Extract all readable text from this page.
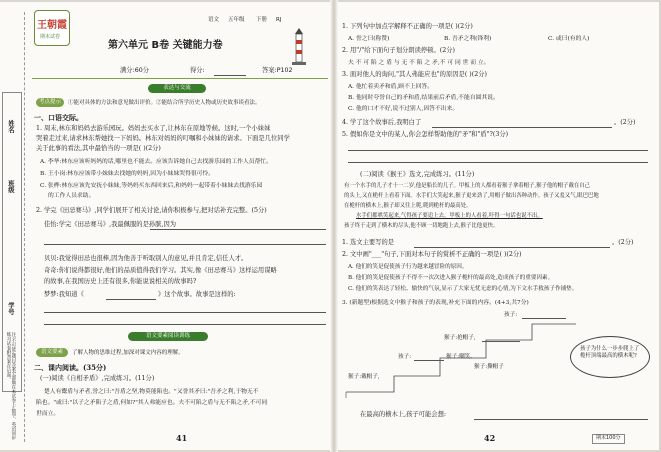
姓名
班级
学号
注:不可能,题目答案全部做在本试卷上,数学、英语同步练习试卷附答案在后面。
王朝霞
期末试卷
语文 五年级 下册 RJ
第六单元 B卷 关键能力卷
满分:60分	得分:	答案:P102
表达与交流
考点提示	①能对具体的方法和意见做出评价。②能结合所学历史人物或历史故事谈看法。
一、口语交际。
1. 周末,林东和妈妈去游乐园玩。妈妈去买水了,让林东在原地等候。这时,一个小妹妹
哭着走过来,请求林东帮她找一下妈妈。林东对妈妈的叮嘱和小妹妹的请求。下面是几位同学
关于此事的看法,其中最恰当的一项是( )(2分)
A. 李华:林东应该听妈妈的话,哪里也不能去。应该告诉她自己去找游乐园的工作人员帮忙。
B. 王小岗:林东应该带小妹妹去找她的妈妈,因为小妹妹哭得很可怜。
C. 张桦:林东应该先安抚小妹妹,等妈妈买东西回来后,和妈妈一起带着小妹妹去找游乐园
的工作人员求助。
2. 学完《田忌赛马》,同学们展开了相关讨论,请你积极参与,把对话补充完整。(5分)
佳怡:学完《田忌赛马》,我最佩服的是孙膑,因为
贝贝:我觉得田忌也很棒,因为他善于听取别人的意见,并且肯定,信任人才。
奇奇:你们说得都很好,他们的品质值得我们学习。其实,像《田忌赛马》这样运用谋略
的故事,在我国历史上还有很多,你能说说相关的故事吗?
梦梦:我知道《	》这个故事。故事是这样的:
语文要素阅读训练
语文要素	了解人物的思维过程,加深对课文内容的理解。
二、课内阅读。(35分)
(一)阅读《自相矛盾》,完成练习。(11分)
楚人有鬻盾与矛者,誉之曰:"吾盾之坚,物莫能陷也。"又誉其矛曰:"吾矛之利,于物无不
陷也。"或曰:"以子之矛陷子之盾,何如?"其人弗能应也。夫不可陷之盾与无不陷之矛,不可同
世而立。
41
1. 下列句中加点字解释不正确的一项是( )(2分)
A. 誉之曰(称赞)	B. 吾矛之利(锋利)	C. 或曰(有的人)
2. 用"/"给下面句子划分朗读停顿。(2分)
夫 不 可 陷 之 盾 与 无 不 陷 之 矛,不 可 同 世 而 立。
3. 面对他人的询问,"其人弗能应也"的原因是( )(2分)
A. 他忙着卖矛和盾,顾不上回答。
B. 他同时夸誉自己的矛和盾,结果前后矛盾,不能自圆其说。
C. 他的口才不好,说不过别人,因答不出来。
4. 学了这个故事后,我明白了	。(2分)
5. 假如你是文中的某人,你会怎样帮助他的"矛"和"盾"?(3分)
(二)阅读《猴王》选文,完成练习。(11分)
有一个水手的儿子才十一二岁,他是船长的儿子。甲板上的人都看着猴子拿着帽子,猴子他的帽子戴在自己
的头上,又在桅杆上看着下面。水手们大笑起来,猴子更来劲了,用帽子做出各种动作。孩子又羞又气,眼巴巴地
在桅杆的横木上,猴子却又往上爬,爬到桅杆的最高处。
水手们都哄笑起来,气得孩子要追上去。甲板上的人看着,吓得一句话也说不出。
孩子终于走到了横木的尽头,他不顾一切地跑上去,猴子比他更快。
1. 选文主要写的是	。(2分)
2. 文中画"___"句子,下面对本句子的赏析不正确的一项是( )(2分)
A. 他们的笑是促使孩子行为越来越冒险的原因。
B. 他们的笑是促使孩子不得不一次次进入猴子桅杆的最高处,造成孩子的重要因素。
C. 他们的笑表达了轻松、愉快的气氛,显示了大家无忧无虑的心情,为下文水手救孩子作铺垫。
3. (新题型)根据选文中猴子和孩子的表现,补充下面的内容。(4+3,共7分)
孩子:
猴子:抢帽子,
孩子:	猴子:嘲笑、
猴子:撕帽子
猴子:戴帽子,
孩子为什么一步步爬上了桅杆顶端最高的横木呢?
在最高的横木上,孩子可能会想:
42	期末100分
